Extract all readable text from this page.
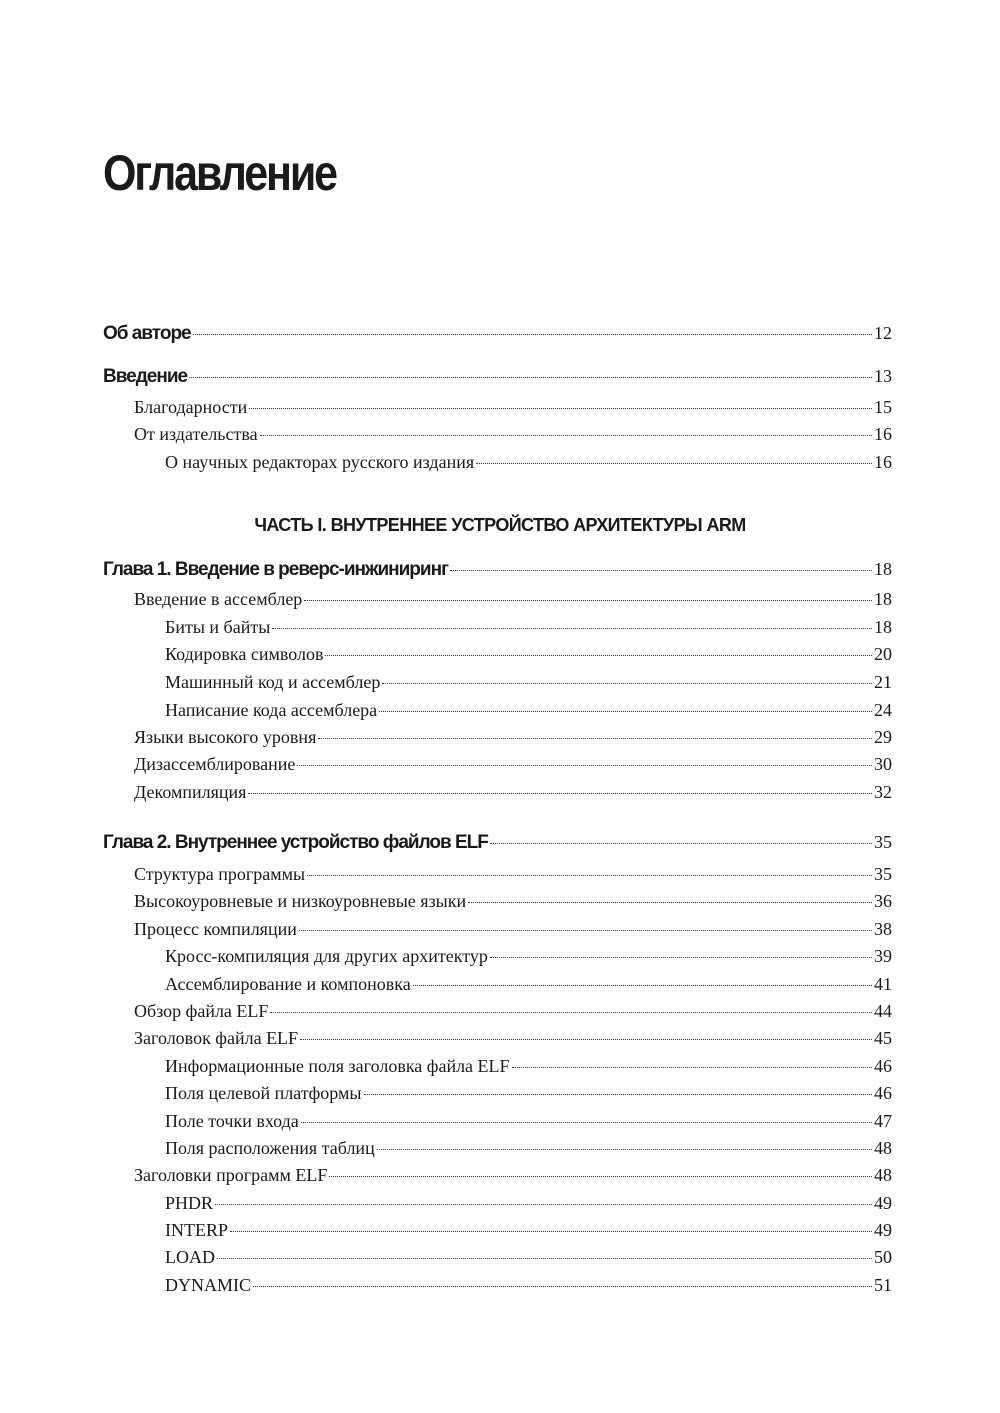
Оглавление
Об авторе	12
Введение	13
Благодарности	15
От издательства	16
О научных редакторах русского издания	16
ЧАСТЬ I. ВНУТРЕННЕЕ УСТРОЙСТВО АРХИТЕКТУРЫ ARM
Глава 1. Введение в реверс-инжиниринг	18
Введение в ассемблер	18
Биты и байты	18
Кодировка символов	20
Машинный код и ассемблер	21
Написание кода ассемблера	24
Языки высокого уровня	29
Дизассемблирование	30
Декомпиляция	32
Глава 2. Внутреннее устройство файлов ELF	35
Структура программы	35
Высокоуровневые и низкоуровневые языки	36
Процесс компиляции	38
Кросс-компиляция для других архитектур	39
Ассемблирование и компоновка	41
Обзор файла ELF	44
Заголовок файла ELF	45
Информационные поля заголовка файла ELF	46
Поля целевой платформы	46
Поле точки входа	47
Поля расположения таблиц	48
Заголовки программ ELF	48
PHDR	49
INTERP	49
LOAD	50
DYNAMIC	51
